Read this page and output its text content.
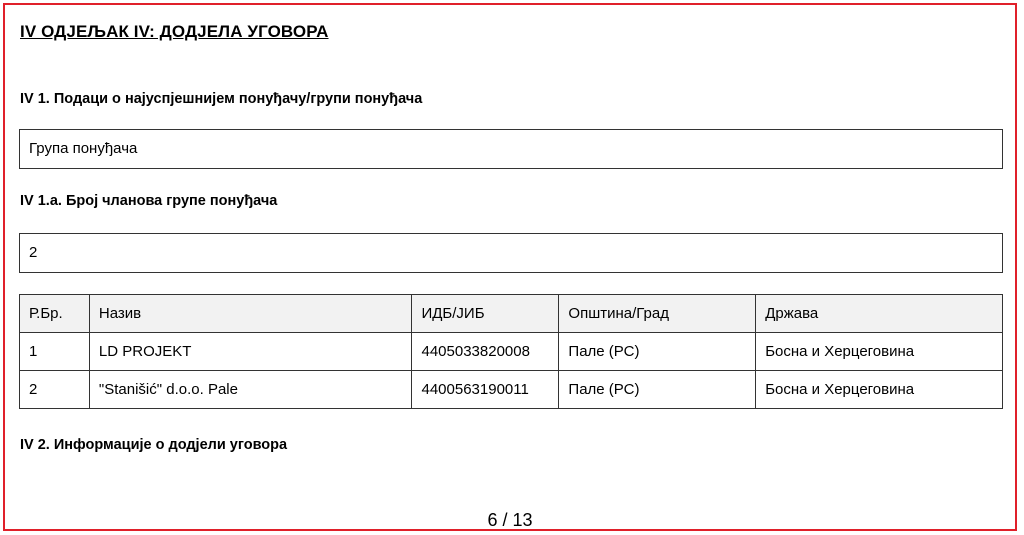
IV ОДЈЕЉАК IV: ДОДЈЕЛА УГОВОРА
IV 1. Подаци о најуспјешнијем понуђачу/групи понуђача
Група понуђача
IV 1.а. Број чланова групе понуђача
2
Р.Бр.	Назив	ИДБ/ЈИБ	Општина/Град	Држава
1	LD PROJEKT	4405033820008	Пале (РС)	Босна и Херцеговина
2	"Stanišić" d.o.o. Pale	4400563190011	Пале (РС)	Босна и Херцеговина
IV 2. Информације о додјели уговора
6 / 13
